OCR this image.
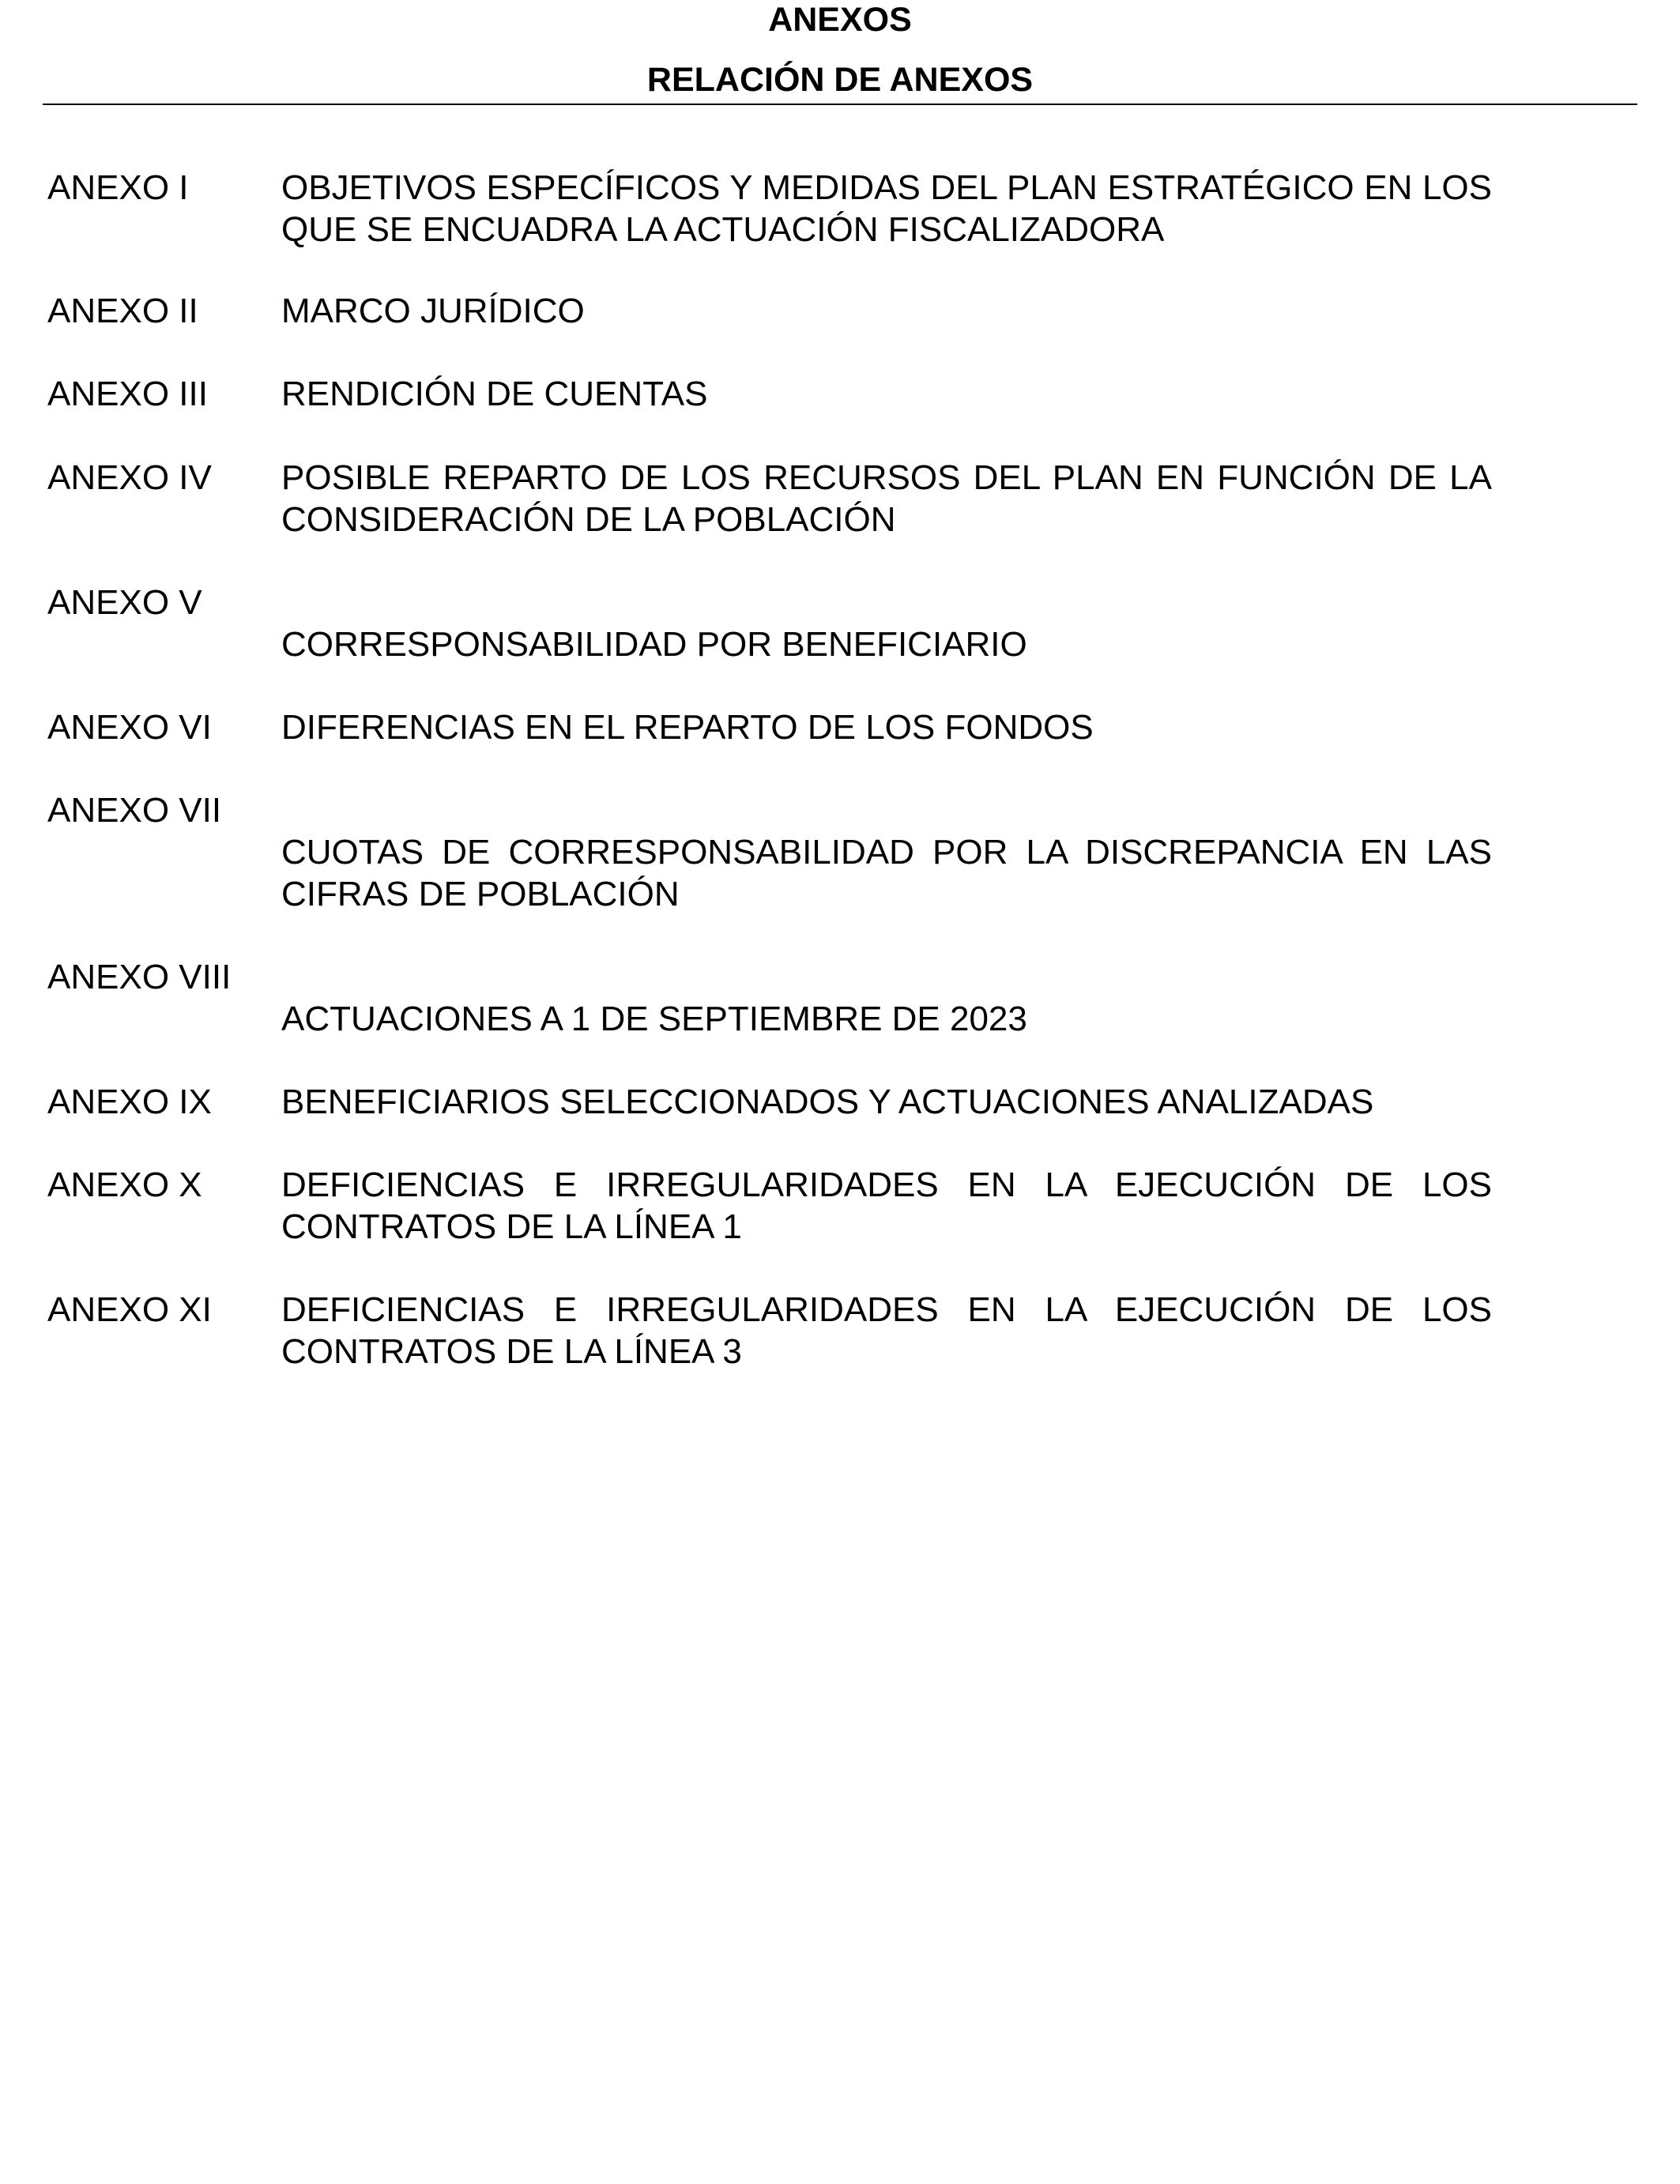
ANEXOS
RELACIÓN DE ANEXOS
ANEXO I	OBJETIVOS ESPECÍFICOS Y MEDIDAS DEL PLAN ESTRATÉGICO EN LOS QUE SE ENCUADRA LA ACTUACIÓN FISCALIZADORA
ANEXO II MARCO JURÍDICO
ANEXO III RENDICIÓN DE CUENTAS
ANEXO IV POSIBLE REPARTO DE LOS RECURSOS DEL PLAN EN FUNCIÓN DE LA CONSIDERACIÓN DE LA POBLACIÓN
ANEXO V
CORRESPONSABILIDAD POR BENEFICIARIO
ANEXO VI DIFERENCIAS EN EL REPARTO DE LOS FONDOS
ANEXO VII
CUOTAS DE CORRESPONSABILIDAD POR LA DISCREPANCIA EN LAS CIFRAS DE POBLACIÓN
ANEXO VIII
ACTUACIONES A 1 DE SEPTIEMBRE DE 2023
ANEXO IX BENEFICIARIOS SELECCIONADOS Y ACTUACIONES ANALIZADAS
ANEXO X DEFICIENCIAS E IRREGULARIDADES EN LA EJECUCIÓN DE LOS CONTRATOS DE LA LÍNEA 1
ANEXO XI DEFICIENCIAS E IRREGULARIDADES EN LA EJECUCIÓN DE LOS CONTRATOS DE LA LÍNEA 3
